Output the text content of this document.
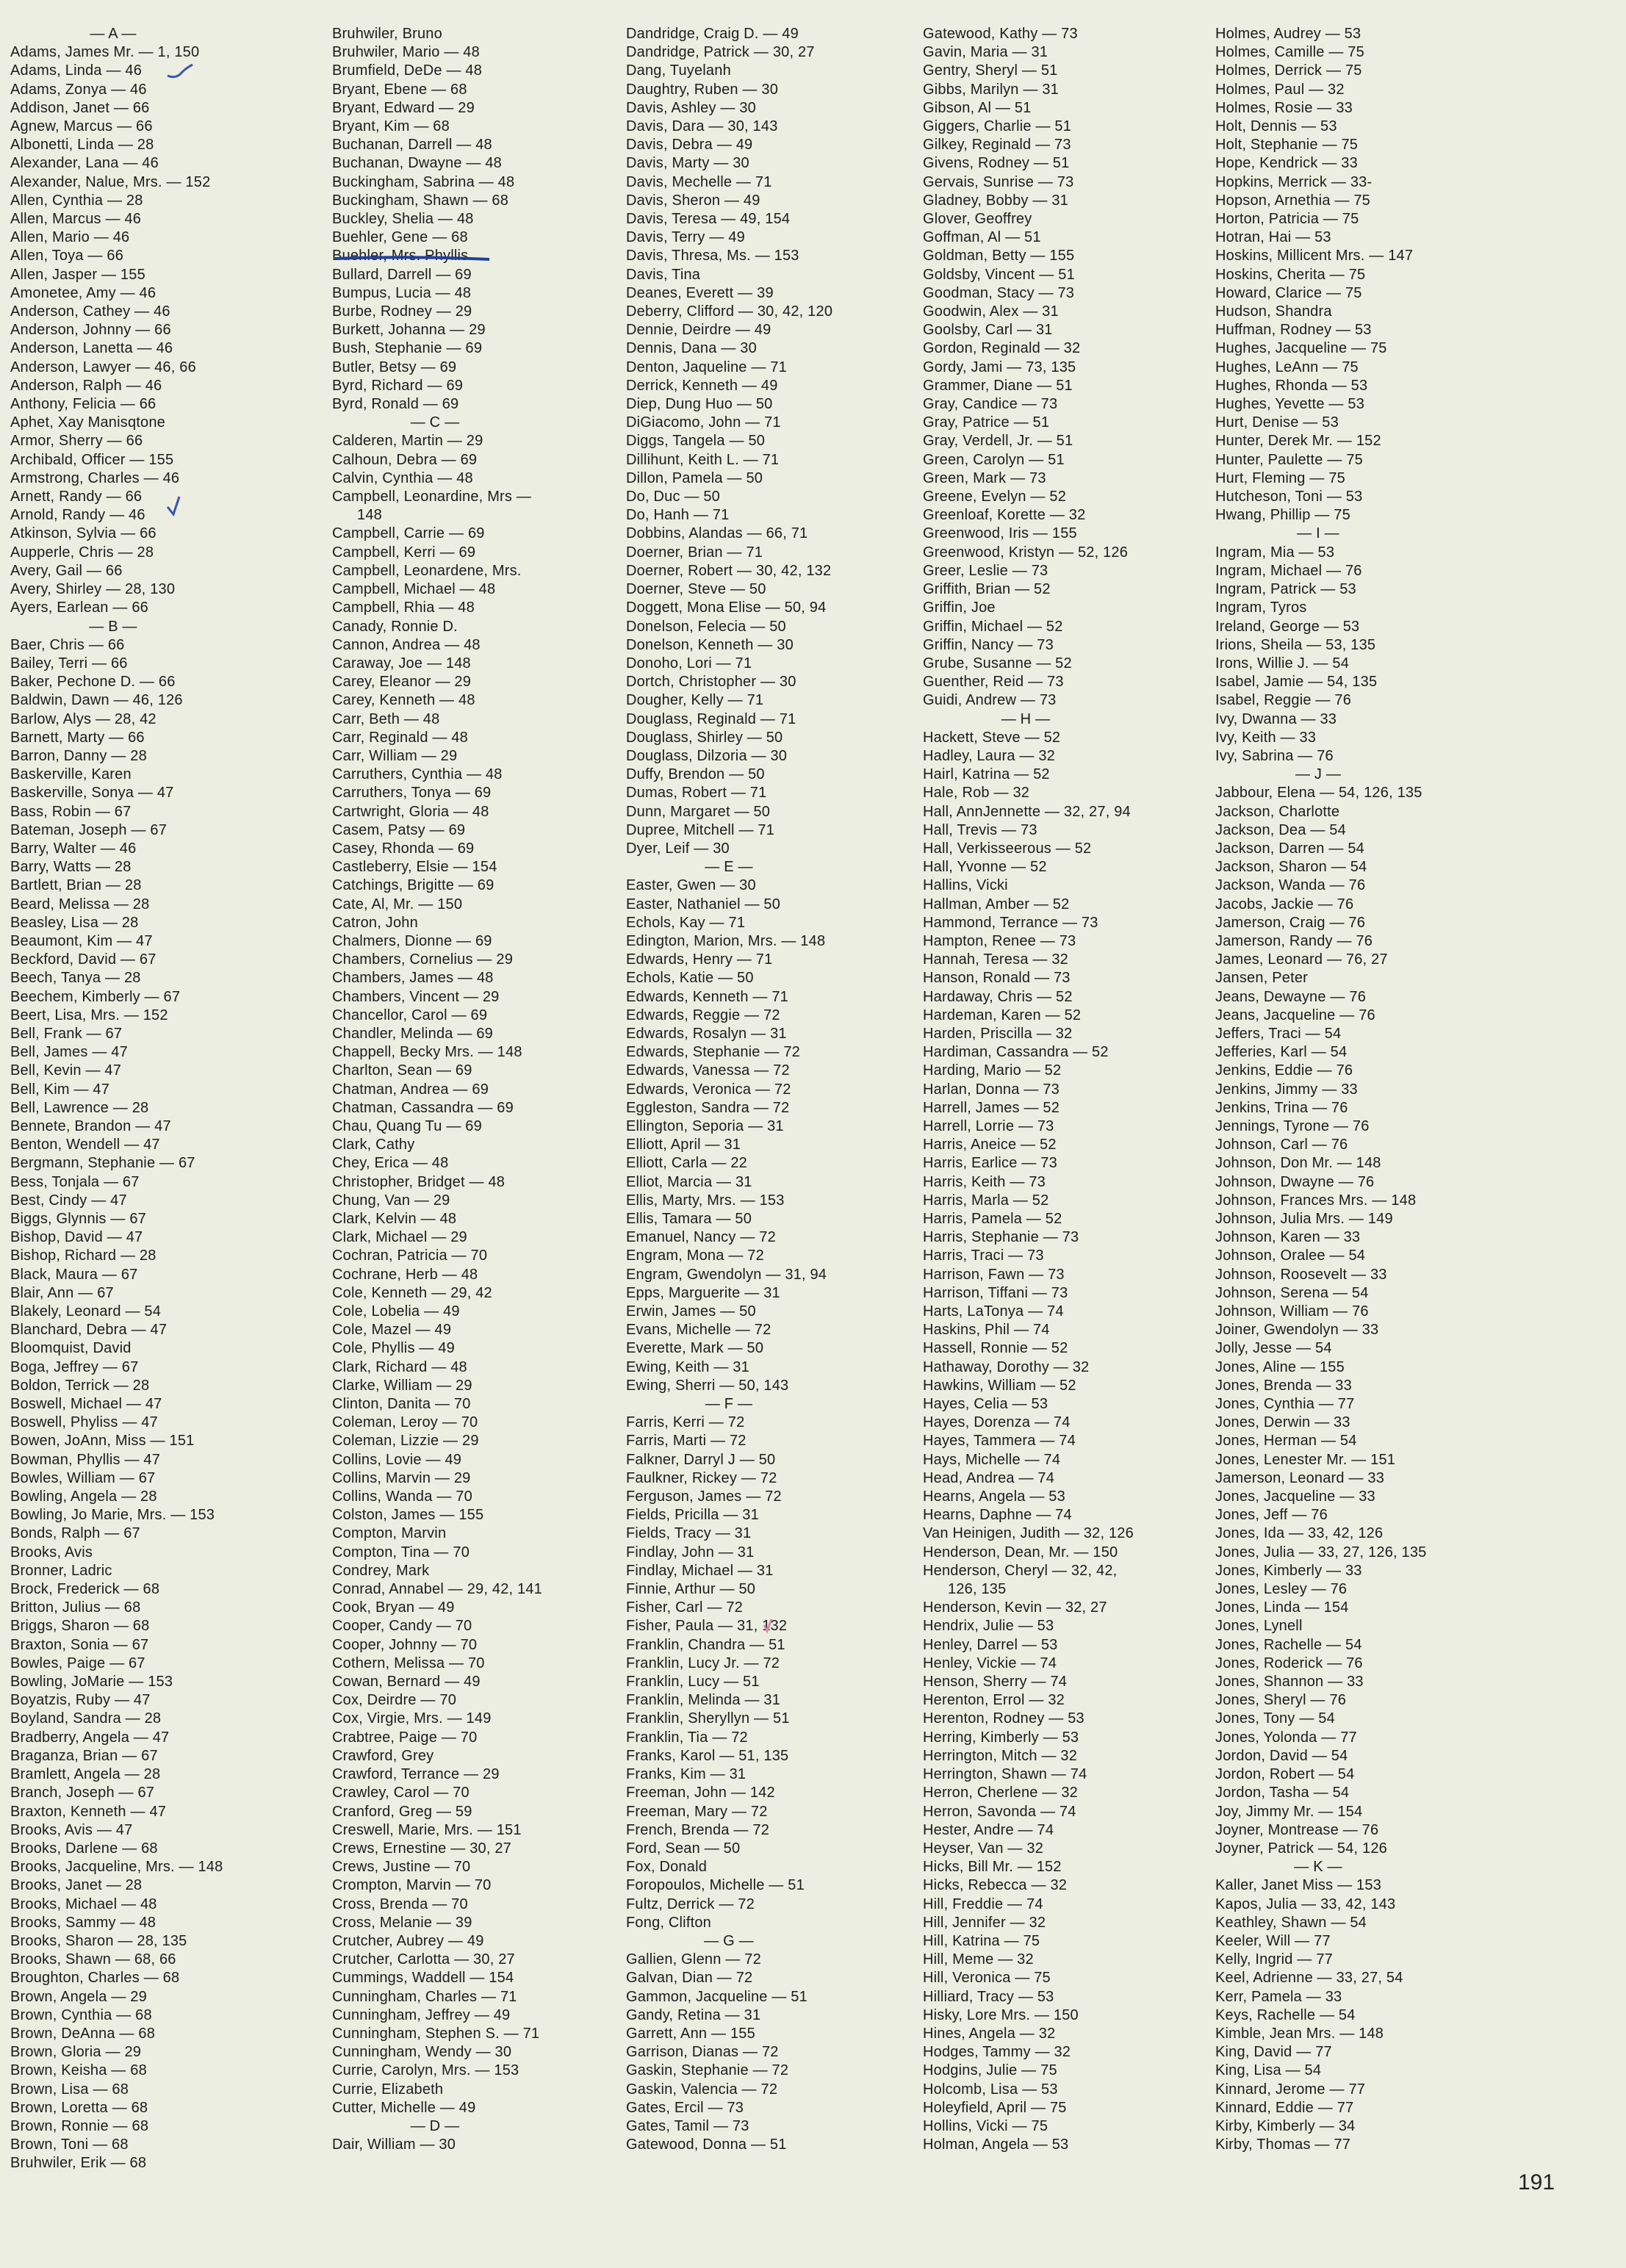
— A —
Adams, James Mr. — 1, 150
Adams, Linda — 46
Adams, Zonya — 46
Addison, Janet — 66
Agnew, Marcus — 66
Albonetti, Linda — 28
Alexander, Lana — 46
Alexander, Nalue, Mrs. — 152
Allen, Cynthia — 28
Allen, Marcus — 46
Allen, Mario — 46
Allen, Toya — 66
Allen, Jasper — 155
Amonetee, Amy — 46
Anderson, Cathey — 46
Anderson, Johnny — 66
Anderson, Lanetta — 46
Anderson, Lawyer — 46, 66
Anderson, Ralph — 46
Anthony, Felicia — 66
Aphet, Xay Manisqtone
Armor, Sherry — 66
Archibald, Officer — 155
Armstrong, Charles — 46
Arnett, Randy — 66
Arnold, Randy — 46
Atkinson, Sylvia — 66
Aupperle, Chris — 28
Avery, Gail — 66
Avery, Shirley — 28, 130
Ayers, Earlean — 66
— B —
Baer, Chris — 66
Bailey, Terri — 66
Baker, Pechone D. — 66
Baldwin, Dawn — 46, 126
Barlow, Alys — 28, 42
Barnett, Marty — 66
Barron, Danny — 28
Baskerville, Karen
Baskerville, Sonya — 47
Bass, Robin — 67
Bateman, Joseph — 67
Barry, Walter — 46
Barry, Watts — 28
Bartlett, Brian — 28
Beard, Melissa — 28
Beasley, Lisa — 28
Beaumont, Kim — 47
Beckford, David — 67
Beech, Tanya — 28
Beechem, Kimberly — 67
Beert, Lisa, Mrs. — 152
Bell, Frank — 67
Bell, James — 47
Bell, Kevin — 47
Bell, Kim — 47
Bell, Lawrence — 28
Bennete, Brandon — 47
Benton, Wendell — 47
Bergmann, Stephanie — 67
Bess, Tonjala — 67
Best, Cindy — 47
Biggs, Glynnis — 67
Bishop, David — 47
Bishop, Richard — 28
Black, Maura — 67
Blair, Ann — 67
Blakely, Leonard — 54
Blanchard, Debra — 47
Bloomquist, David
Boga, Jeffrey — 67
Boldon, Terrick — 28
Boswell, Michael — 47
Boswell, Phyliss — 47
Bowen, JoAnn, Miss — 151
Bowman, Phyllis — 47
Bowles, William — 67
Bowling, Angela — 28
Bowling, Jo Marie, Mrs. — 153
Bonds, Ralph — 67
Brooks, Avis
Bronner, Ladric
Brock, Frederick — 68
Britton, Julius — 68
Briggs, Sharon — 68
Braxton, Sonia — 67
Bowles, Paige — 67
Bowling, JoMarie — 153
Boyatzis, Ruby — 47
Boyland, Sandra — 28
Bradberry, Angela — 47
Braganza, Brian — 67
Bramlett, Angela — 28
Branch, Joseph — 67
Braxton, Kenneth — 47
Brooks, Avis — 47
Brooks, Darlene — 68
Brooks, Jacqueline, Mrs. — 148
Brooks, Janet — 28
Brooks, Michael — 48
Brooks, Sammy — 48
Brooks, Sharon — 28, 135
Brooks, Shawn — 68, 66
Broughton, Charles — 68
Brown, Angela — 29
Brown, Cynthia — 68
Brown, DeAnna — 68
Brown, Gloria — 29
Brown, Keisha — 68
Brown, Lisa — 68
Brown, Loretta — 68
Brown, Ronnie — 68
Brown, Toni — 68
Bruhwiler, Erik — 68
Bruhwiler, Bruno
Bruhwiler, Mario — 48
Brumfield, DeDe — 48
Bryant, Ebene — 68
Bryant, Edward — 29
Bryant, Kim — 68
Buchanan, Darrell — 48
Buchanan, Dwayne — 48
Buckingham, Sabrina — 48
Buckingham, Shawn — 68
Buckley, Shelia — 48
Buehler, Gene — 68
Buehler, Mrs. Phyllis
Bullard, Darrell — 69
Bumpus, Lucia — 48
Burbe, Rodney — 29
Burkett, Johanna — 29
Bush, Stephanie — 69
Butler, Betsy — 69
Byrd, Richard — 69
Byrd, Ronald — 69
— C —
Calderen, Martin — 29
Calhoun, Debra — 69
Calvin, Cynthia — 48
Campbell, Leonardine, Mrs —
148
Campbell, Carrie — 69
Campbell, Kerri — 69
Campbell, Leonardene, Mrs.
Campbell, Michael — 48
Campbell, Rhia — 48
Canady, Ronnie D.
Cannon, Andrea — 48
Caraway, Joe — 148
Carey, Eleanor — 29
Carey, Kenneth — 48
Carr, Beth — 48
Carr, Reginald — 48
Carr, William — 29
Carruthers, Cynthia — 48
Carruthers, Tonya — 69
Cartwright, Gloria — 48
Casem, Patsy — 69
Casey, Rhonda — 69
Castleberry, Elsie — 154
Catchings, Brigitte — 69
Cate, Al, Mr. — 150
Catron, John
Chalmers, Dionne — 69
Chambers, Cornelius — 29
Chambers, James — 48
Chambers, Vincent — 29
Chancellor, Carol — 69
Chandler, Melinda — 69
Chappell, Becky Mrs. — 148
Charlton, Sean — 69
Chatman, Andrea — 69
Chatman, Cassandra — 69
Chau, Quang Tu — 69
Clark, Cathy
Chey, Erica — 48
Christopher, Bridget — 48
Chung, Van — 29
Clark, Kelvin — 48
Clark, Michael — 29
Cochran, Patricia — 70
Cochrane, Herb — 48
Cole, Kenneth — 29, 42
Cole, Lobelia — 49
Cole, Mazel — 49
Cole, Phyllis — 49
Clark, Richard — 48
Clarke, William — 29
Clinton, Danita — 70
Coleman, Leroy — 70
Coleman, Lizzie — 29
Collins, Lovie — 49
Collins, Marvin — 29
Collins, Wanda — 70
Colston, James — 155
Compton, Marvin
Compton, Tina — 70
Condrey, Mark
Conrad, Annabel — 29, 42, 141
Cook, Bryan — 49
Cooper, Candy — 70
Cooper, Johnny — 70
Cothern, Melissa — 70
Cowan, Bernard — 49
Cox, Deirdre — 70
Cox, Virgie, Mrs. — 149
Crabtree, Paige — 70
Crawford, Grey
Crawford, Terrance — 29
Crawley, Carol — 70
Cranford, Greg — 59
Creswell, Marie, Mrs. — 151
Crews, Ernestine — 30, 27
Crews, Justine — 70
Crompton, Marvin — 70
Cross, Brenda — 70
Cross, Melanie — 39
Crutcher, Aubrey — 49
Crutcher, Carlotta — 30, 27
Cummings, Waddell — 154
Cunningham, Charles — 71
Cunningham, Jeffrey — 49
Cunningham, Stephen S. — 71
Cunningham, Wendy — 30
Currie, Carolyn, Mrs. — 153
Currie, Elizabeth
Cutter, Michelle — 49
— D —
Dair, William — 30
Dandridge, Craig D. — 49
Dandridge, Patrick — 30, 27
Dang, Tuyelanh
Daughtry, Ruben — 30
Davis, Ashley — 30
Davis, Dara — 30, 143
Davis, Debra — 49
Davis, Marty — 30
Davis, Mechelle — 71
Davis, Sheron — 49
Davis, Teresa — 49, 154
Davis, Terry — 49
Davis, Thresa, Ms. — 153
Davis, Tina
Deanes, Everett — 39
Deberry, Clifford — 30, 42, 120
Dennie, Deirdre — 49
Dennis, Dana — 30
Denton, Jaqueline — 71
Derrick, Kenneth — 49
Diep, Dung Huo — 50
DiGiacomo, John — 71
Diggs, Tangela — 50
Dillihunt, Keith L. — 71
Dillon, Pamela — 50
Do, Duc — 50
Do, Hanh — 71
Dobbins, Alandas — 66, 71
Doerner, Brian — 71
Doerner, Robert — 30, 42, 132
Doerner, Steve — 50
Doggett, Mona Elise — 50, 94
Donelson, Felecia — 50
Donelson, Kenneth — 30
Donoho, Lori — 71
Dortch, Christopher — 30
Dougher, Kelly — 71
Douglass, Reginald — 71
Douglass, Shirley — 50
Douglass, Dilzoria — 30
Duffy, Brendon — 50
Dumas, Robert — 71
Dunn, Margaret — 50
Dupree, Mitchell — 71
Dyer, Leif — 30
— E —
Easter, Gwen — 30
Easter, Nathaniel — 50
Echols, Kay — 71
Edington, Marion, Mrs. — 148
Edwards, Henry — 71
Echols, Katie — 50
Edwards, Kenneth — 71
Edwards, Reggie — 72
Edwards, Rosalyn — 31
Edwards, Stephanie — 72
Edwards, Vanessa — 72
Edwards, Veronica — 72
Eggleston, Sandra — 72
Ellington, Seporia — 31
Elliott, April — 31
Elliott, Carla — 22
Elliot, Marcia — 31
Ellis, Marty, Mrs. — 153
Ellis, Tamara — 50
Emanuel, Nancy — 72
Engram, Mona — 72
Engram, Gwendolyn — 31, 94
Epps, Marguerite — 31
Erwin, James — 50
Evans, Michelle — 72
Everette, Mark — 50
Ewing, Keith — 31
Ewing, Sherri — 50, 143
— F —
Farris, Kerri — 72
Farris, Marti — 72
Falkner, Darryl J — 50
Faulkner, Rickey — 72
Ferguson, James — 72
Fields, Pricilla — 31
Fields, Tracy — 31
Findlay, John — 31
Findlay, Michael — 31
Finnie, Arthur — 50
Fisher, Carl — 72
Fisher, Paula — 31, 132
Franklin, Chandra — 51
Franklin, Lucy Jr. — 72
Franklin, Lucy — 51
Franklin, Melinda — 31
Franklin, Sheryllyn — 51
Franklin, Tia — 72
Franks, Karol — 51, 135
Franks, Kim — 31
Freeman, John — 142
Freeman, Mary — 72
French, Brenda — 72
Ford, Sean — 50
Fox, Donald
Foropoulos, Michelle — 51
Fultz, Derrick — 72
Fong, Clifton
— G —
Gallien, Glenn — 72
Galvan, Dian — 72
Gammon, Jacqueline — 51
Gandy, Retina — 31
Garrett, Ann — 155
Garrison, Dianas — 72
Gaskin, Stephanie — 72
Gaskin, Valencia — 72
Gates, Ercil — 73
Gates, Tamil — 73
Gatewood, Donna — 51
Gatewood, Kathy — 73
Gavin, Maria — 31
Gentry, Sheryl — 51
Gibbs, Marilyn — 31
Gibson, Al — 51
Giggers, Charlie — 51
Gilkey, Reginald — 73
Givens, Rodney — 51
Gervais, Sunrise — 73
Gladney, Bobby — 31
Glover, Geoffrey
Goffman, Al — 51
Goldman, Betty — 155
Goldsby, Vincent — 51
Goodman, Stacy — 73
Goodwin, Alex — 31
Goolsby, Carl — 31
Gordon, Reginald — 32
Gordy, Jami — 73, 135
Grammer, Diane — 51
Gray, Candice — 73
Gray, Patrice — 51
Gray, Verdell, Jr. — 51
Green, Carolyn — 51
Green, Mark — 73
Greene, Evelyn — 52
Greenloaf, Korette — 32
Greenwood, Iris — 155
Greenwood, Kristyn — 52, 126
Greer, Leslie — 73
Griffith, Brian — 52
Griffin, Joe
Griffin, Michael — 52
Griffin, Nancy — 73
Grube, Susanne — 52
Guenther, Reid — 73
Guidi, Andrew — 73
— H —
Hackett, Steve — 52
Hadley, Laura — 32
Hairl, Katrina — 52
Hale, Rob — 32
Hall, AnnJennette — 32, 27, 94
Hall, Trevis — 73
Hall, Verkisseerous — 52
Hall, Yvonne — 52
Hallins, Vicki
Hallman, Amber — 52
Hammond, Terrance — 73
Hampton, Renee — 73
Hannah, Teresa — 32
Hanson, Ronald — 73
Hardaway, Chris — 52
Hardeman, Karen — 52
Harden, Priscilla — 32
Hardiman, Cassandra — 52
Harding, Mario — 52
Harlan, Donna — 73
Harrell, James — 52
Harrell, Lorrie — 73
Harris, Aneice — 52
Harris, Earlice — 73
Harris, Keith — 73
Harris, Marla — 52
Harris, Pamela — 52
Harris, Stephanie — 73
Harris, Traci — 73
Harrison, Fawn — 73
Harrison, Tiffani — 73
Harts, LaTonya — 74
Haskins, Phil — 74
Hassell, Ronnie — 52
Hathaway, Dorothy — 32
Hawkins, William — 52
Hayes, Celia — 53
Hayes, Dorenza — 74
Hayes, Tammera — 74
Hays, Michelle — 74
Head, Andrea — 74
Hearns, Angela — 53
Hearns, Daphne — 74
Van Heinigen, Judith — 32, 126
Henderson, Dean, Mr. — 150
Henderson, Cheryl — 32, 42,
126, 135
Henderson, Kevin — 32, 27
Hendrix, Julie — 53
Henley, Darrel — 53
Henley, Vickie — 74
Henson, Sherry — 74
Herenton, Errol — 32
Herenton, Rodney — 53
Herring, Kimberly — 53
Herrington, Mitch — 32
Herrington, Shawn — 74
Herron, Cherlene — 32
Herron, Savonda — 74
Hester, Andre — 74
Heyser, Van — 32
Hicks, Bill Mr. — 152
Hicks, Rebecca — 32
Hill, Freddie — 74
Hill, Jennifer — 32
Hill, Katrina — 75
Hill, Meme — 32
Hill, Veronica — 75
Hilliard, Tracy — 53
Hisky, Lore Mrs. — 150
Hines, Angela — 32
Hodges, Tammy — 32
Hodgins, Julie — 75
Holcomb, Lisa — 53
Holeyfield, April — 75
Hollins, Vicki — 75
Holman, Angela — 53
Holmes, Audrey — 53
Holmes, Camille — 75
Holmes, Derrick — 75
Holmes, Paul — 32
Holmes, Rosie — 33
Holt, Dennis — 53
Holt, Stephanie — 75
Hope, Kendrick — 33
Hopkins, Merrick — 33-
Hopson, Arnethia — 75
Horton, Patricia — 75
Hotran, Hai — 53
Hoskins, Millicent Mrs. — 147
Hoskins, Cherita — 75
Howard, Clarice — 75
Hudson, Shandra
Huffman, Rodney — 53
Hughes, Jacqueline — 75
Hughes, LeAnn — 75
Hughes, Rhonda — 53
Hughes, Yevette — 53
Hurt, Denise — 53
Hunter, Derek Mr. — 152
Hunter, Paulette — 75
Hurt, Fleming — 75
Hutcheson, Toni — 53
Hwang, Phillip — 75
— I —
Ingram, Mia — 53
Ingram, Michael — 76
Ingram, Patrick — 53
Ingram, Tyros
Ireland, George — 53
Irions, Sheila — 53, 135
Irons, Willie J. — 54
Isabel, Jamie — 54, 135
Isabel, Reggie — 76
Ivy, Dwanna — 33
Ivy, Keith — 33
Ivy, Sabrina — 76
— J —
Jabbour, Elena — 54, 126, 135
Jackson, Charlotte
Jackson, Dea — 54
Jackson, Darren — 54
Jackson, Sharon — 54
Jackson, Wanda — 76
Jacobs, Jackie — 76
Jamerson, Craig — 76
Jamerson, Randy — 76
James, Leonard — 76, 27
Jansen, Peter
Jeans, Dewayne — 76
Jeans, Jacqueline — 76
Jeffers, Traci — 54
Jefferies, Karl — 54
Jenkins, Eddie — 76
Jenkins, Jimmy — 33
Jenkins, Trina — 76
Jennings, Tyrone — 76
Johnson, Carl — 76
Johnson, Don Mr. — 148
Johnson, Dwayne — 76
Johnson, Frances Mrs. — 148
Johnson, Julia Mrs. — 149
Johnson, Karen — 33
Johnson, Oralee — 54
Johnson, Roosevelt — 33
Johnson, Serena — 54
Johnson, William — 76
Joiner, Gwendolyn — 33
Jolly, Jesse — 54
Jones, Aline — 155
Jones, Brenda — 33
Jones, Cynthia — 77
Jones, Derwin — 33
Jones, Herman — 54
Jones, Lenester Mr. — 151
Jamerson, Leonard — 33
Jones, Jacqueline — 33
Jones, Jeff — 76
Jones, Ida — 33, 42, 126
Jones, Julia — 33, 27, 126, 135
Jones, Kimberly — 33
Jones, Lesley — 76
Jones, Linda — 154
Jones, Lynell
Jones, Rachelle — 54
Jones, Roderick — 76
Jones, Shannon — 33
Jones, Sheryl — 76
Jones, Tony — 54
Jones, Yolonda — 77
Jordon, David — 54
Jordon, Robert — 54
Jordon, Tasha — 54
Joy, Jimmy Mr. — 154
Joyner, Montrease — 76
Joyner, Patrick — 54, 126
— K —
Kaller, Janet Miss — 153
Kapos, Julia — 33, 42, 143
Keathley, Shawn — 54
Keeler, Will — 77
Kelly, Ingrid — 77
Keel, Adrienne — 33, 27, 54
Kerr, Pamela — 33
Keys, Rachelle — 54
Kimble, Jean Mrs. — 148
King, David — 77
King, Lisa — 54
Kinnard, Jerome — 77
Kinnard, Eddie — 77
Kirby, Kimberly — 34
Kirby, Thomas — 77
191
